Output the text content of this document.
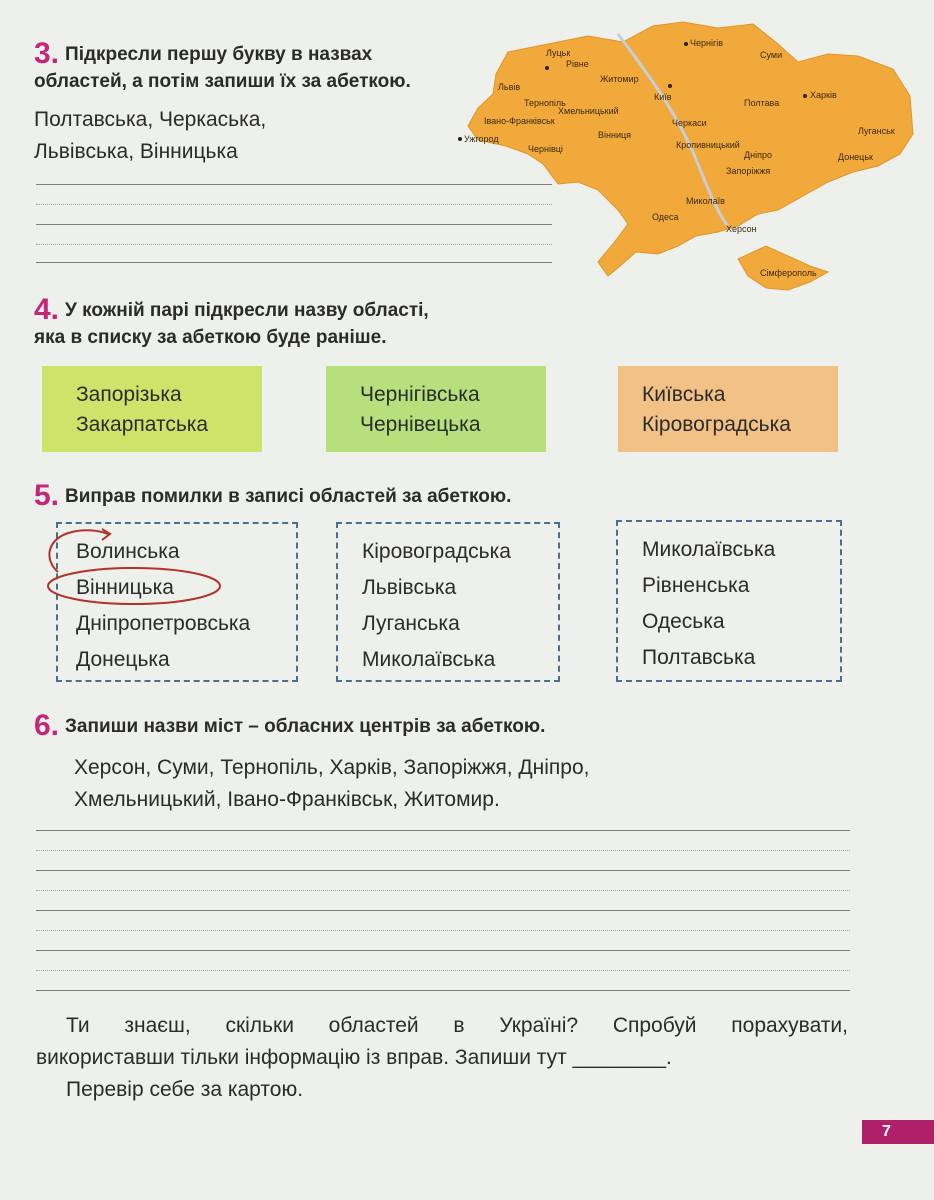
3. Підкресли першу букву в назвах
областей, а потім запиши їх за абеткою.
Полтавська, Черкаська,
Львівська, Вінницька
Луцьк
Рівне
Чернігів
Суми
Житомир
Львів
Тернопіль
Київ	Харків
Хмельницький
Полтава
Івано-Франківськ	Черкаси
Луганськ
Ужгород	Вінниця
Чернівці	Кропивницький
Донецьк
Дніпро
Запоріжжя
Миколаїв
Одеса
Херсон
Сімферополь
4. У кожній парі підкресли назву області,
яка в списку за абеткою буде раніше.
Запорізька
Закарпатська
Чернігівська
Чернівецька
Київська
Кіровоградська
5. Виправ помилки в записі областей за абеткою.
Волинська
Вінницька
Дніпропетровська
Донецька
Кіровоградська
Львівська
Луганська
Миколаївська
Миколаївська
Рівненська
Одеська
Полтавська
6. Запиши назви міст – обласних центрів за абеткою.
Херсон, Суми, Тернопіль, Харків, Запоріжжя, Дніпро,
Хмельницький, Івано-Франківськ, Житомир.
Ти знаєш, скільки областей в Україні? Спробуй порахувати,
використавши тільки інформацію із вправ. Запиши тут ________.
Перевір себе за картою.
7
